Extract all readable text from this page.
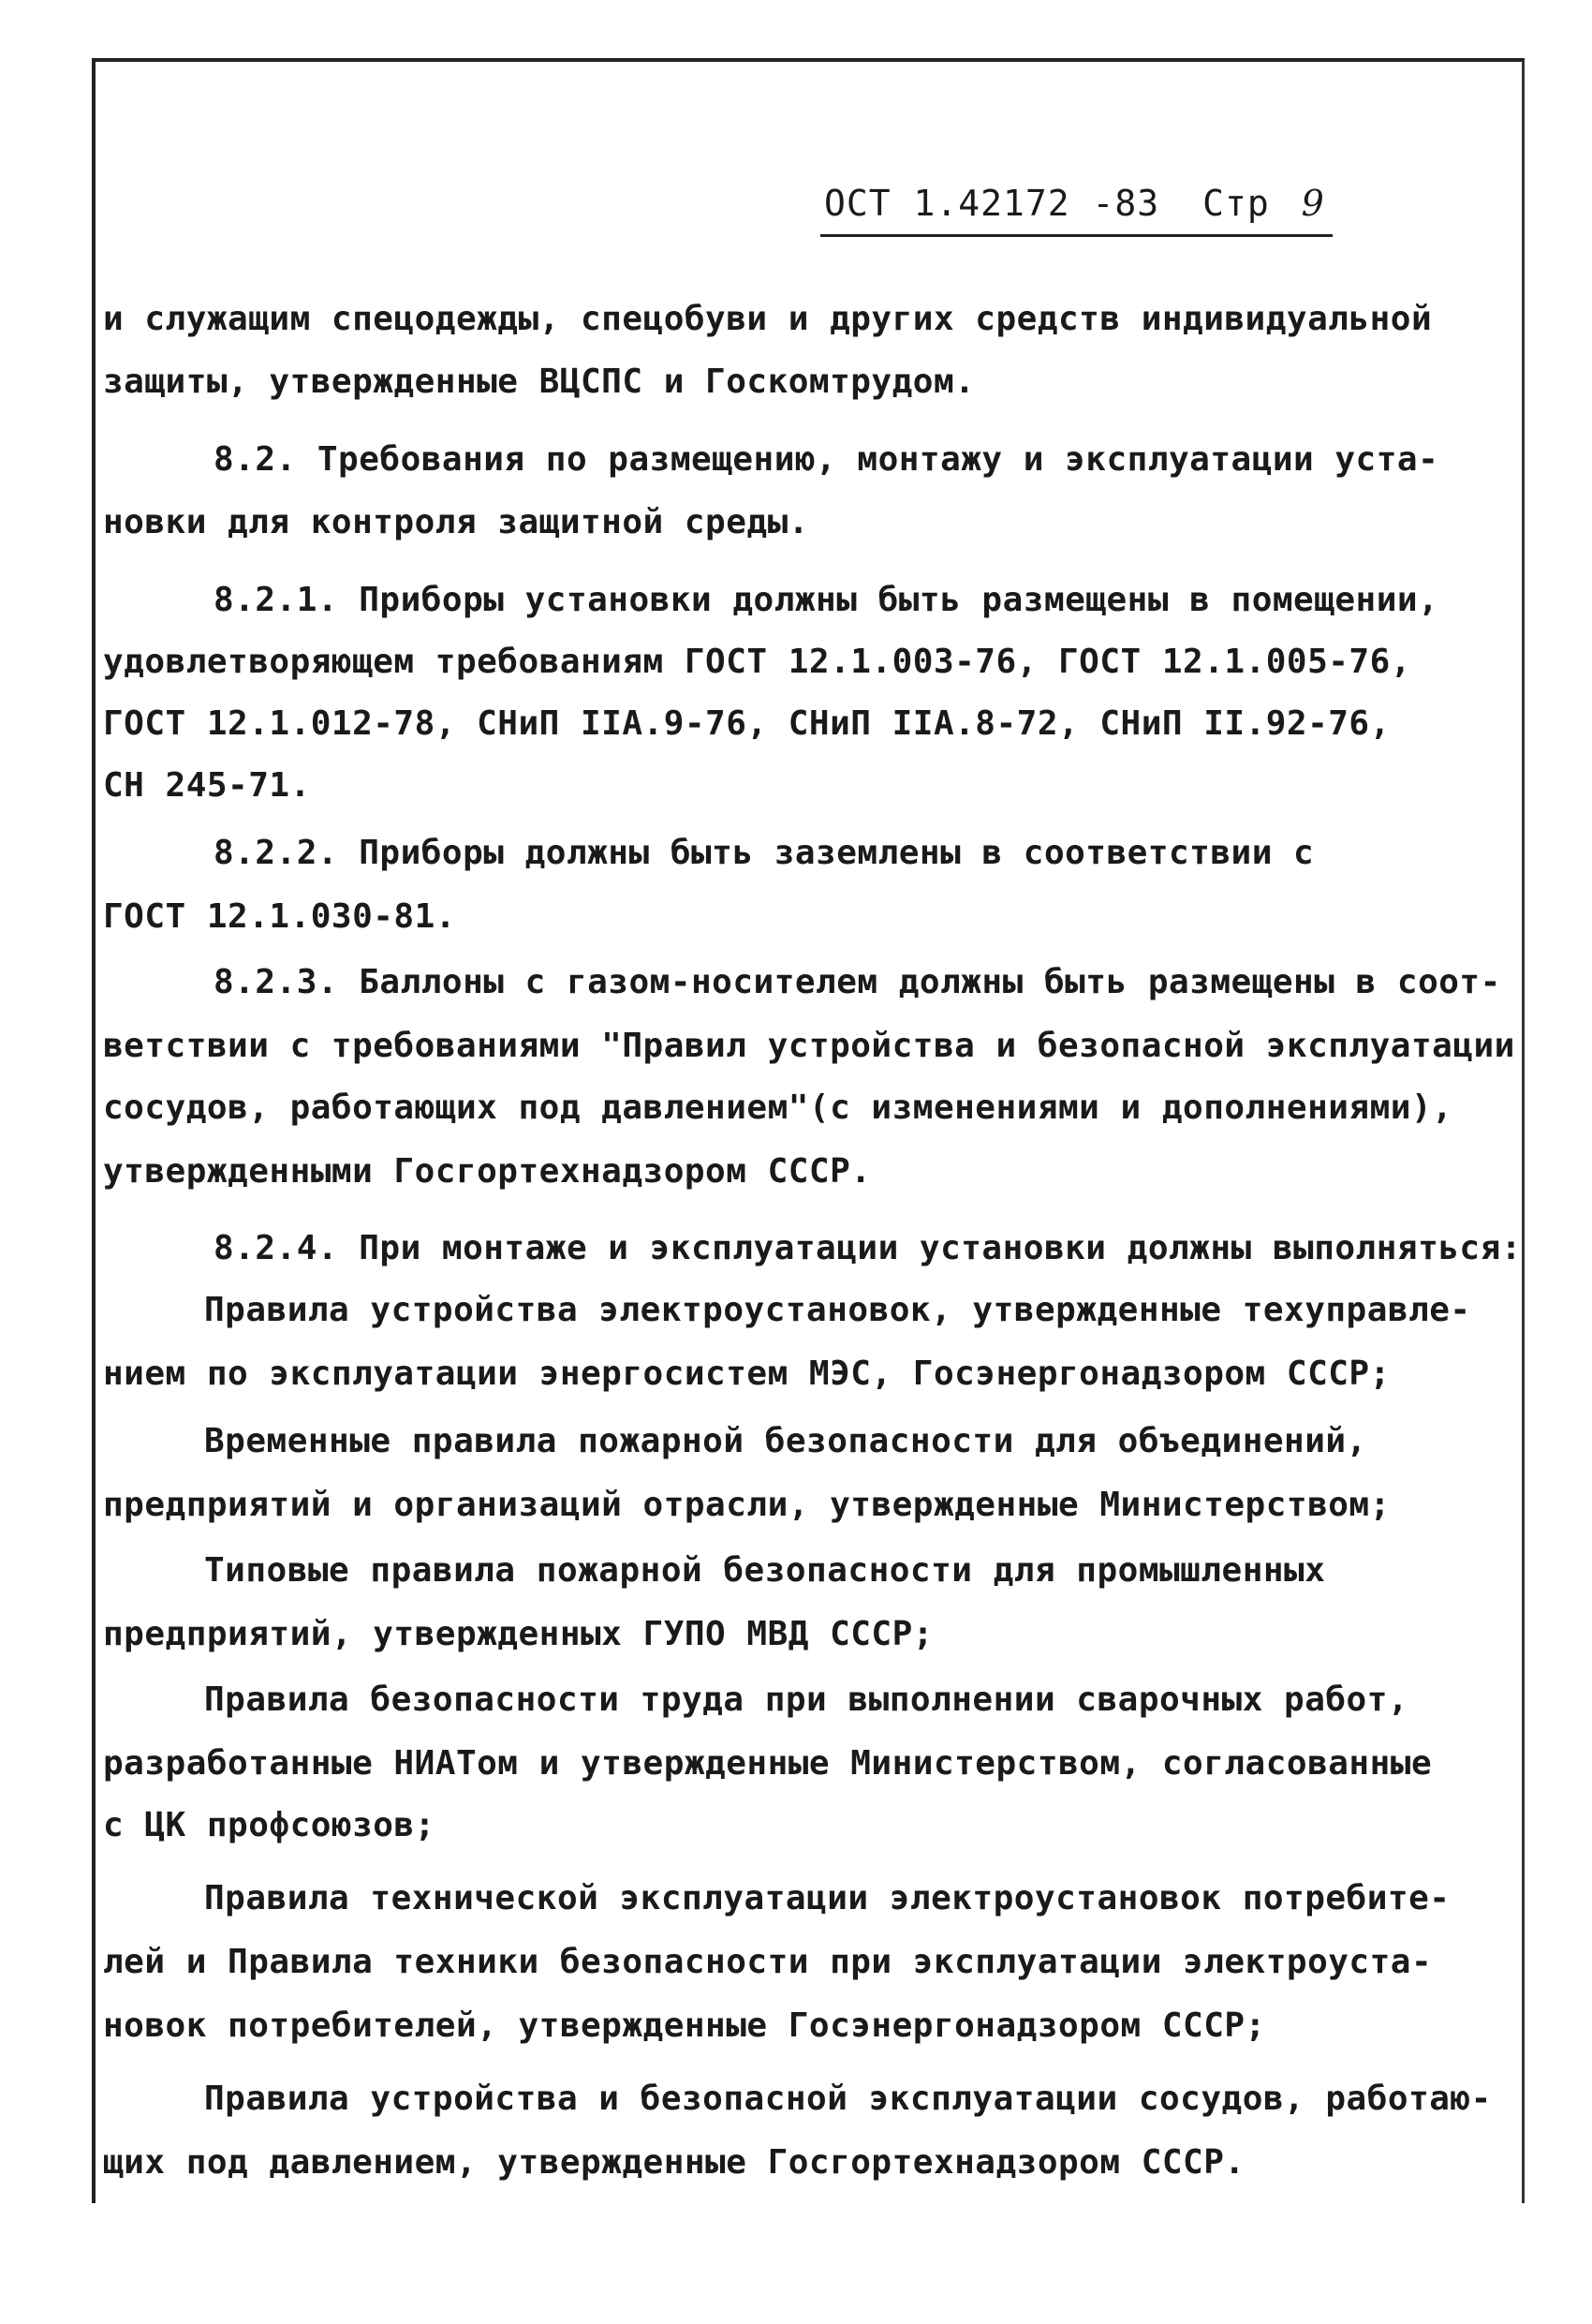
ОСТ 1.42172 -83 Стр 9
и служащим спецодежды, спецобуви и других средств индивидуальной
защиты, утвержденные ВЦСПС и Госкомтрудом.
8.2. Требования по размещению, монтажу и эксплуатации уста-
новки для контроля защитной среды.
8.2.1. Приборы установки должны быть размещены в помещении,
удовлетворяющем требованиям ГОСТ 12.1.003-76, ГОСТ 12.1.005-76,
ГОСТ 12.1.012-78, СНиП IIA.9-76, СНиП IIA.8-72, СНиП II.92-76,
СН 245-71.
8.2.2. Приборы должны быть заземлены в соответствии с
ГОСТ 12.1.030-81.
8.2.3. Баллоны с газом-носителем должны быть размещены в соот-
ветствии с требованиями "Правил устройства и безопасной эксплуатации
сосудов, работающих под давлением"(с изменениями и дополнениями),
утвержденными Госгортехнадзором СССР.
8.2.4. При монтаже и эксплуатации установки должны выполняться:
Правила устройства электроустановок, утвержденные техуправле-
нием по эксплуатации энергосистем МЭС, Госэнергонадзором СССР;
Временные правила пожарной безопасности для объединений,
предприятий и организаций отрасли, утвержденные Министерством;
Типовые правила пожарной безопасности для промышленных
предприятий, утвержденных ГУПО МВД СССР;
Правила безопасности труда при выполнении сварочных работ,
разработанные НИАТом и утвержденные Министерством, согласованные
с ЦК профсоюзов;
Правила технической эксплуатации электроустановок потребите-
лей и Правила техники безопасности при эксплуатации электроуста-
новок потребителей, утвержденные Госэнергонадзором СССР;
Правила устройства и безопасной эксплуатации сосудов, работаю-
щих под давлением, утвержденные Госгортехнадзором СССР.
